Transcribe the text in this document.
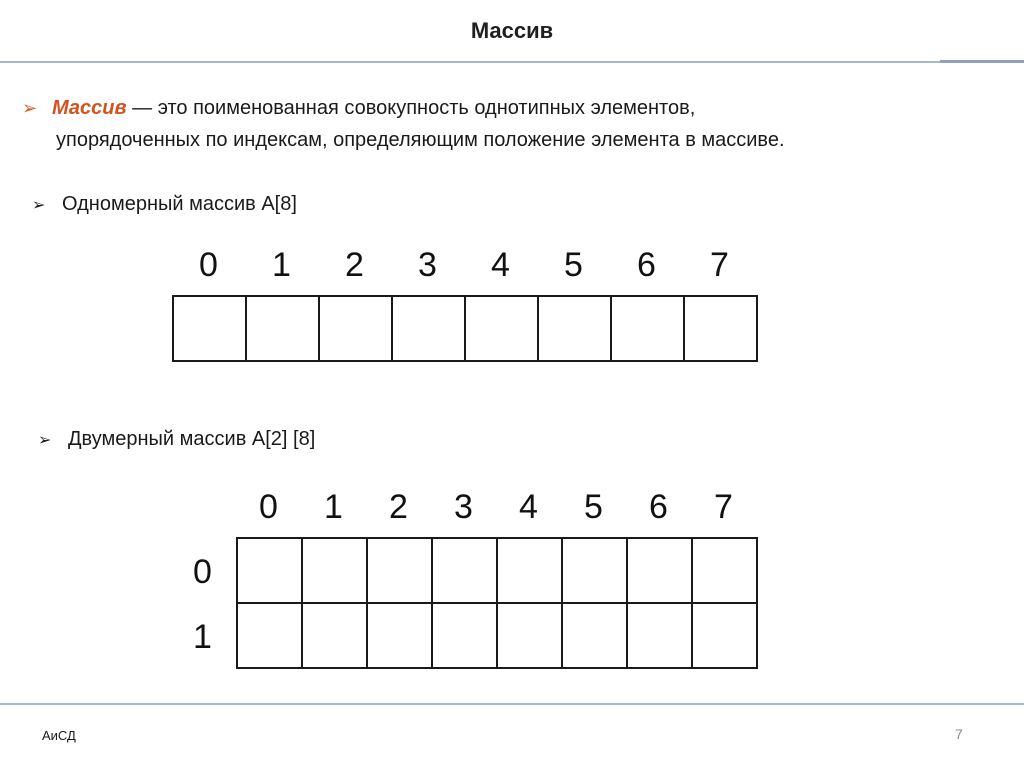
Массив
➢ Массив — это поименованная совокупность однотипных элементов,
упорядоченных по индексам, определяющим положение элемента в массиве.
➢ Одномерный массив А[8]
0	1	2	3	4	5	6	7

➢ Двумерный массив А[2] [8]
0	1	2	3	4	5	6	7
0
1

АиСД	7
